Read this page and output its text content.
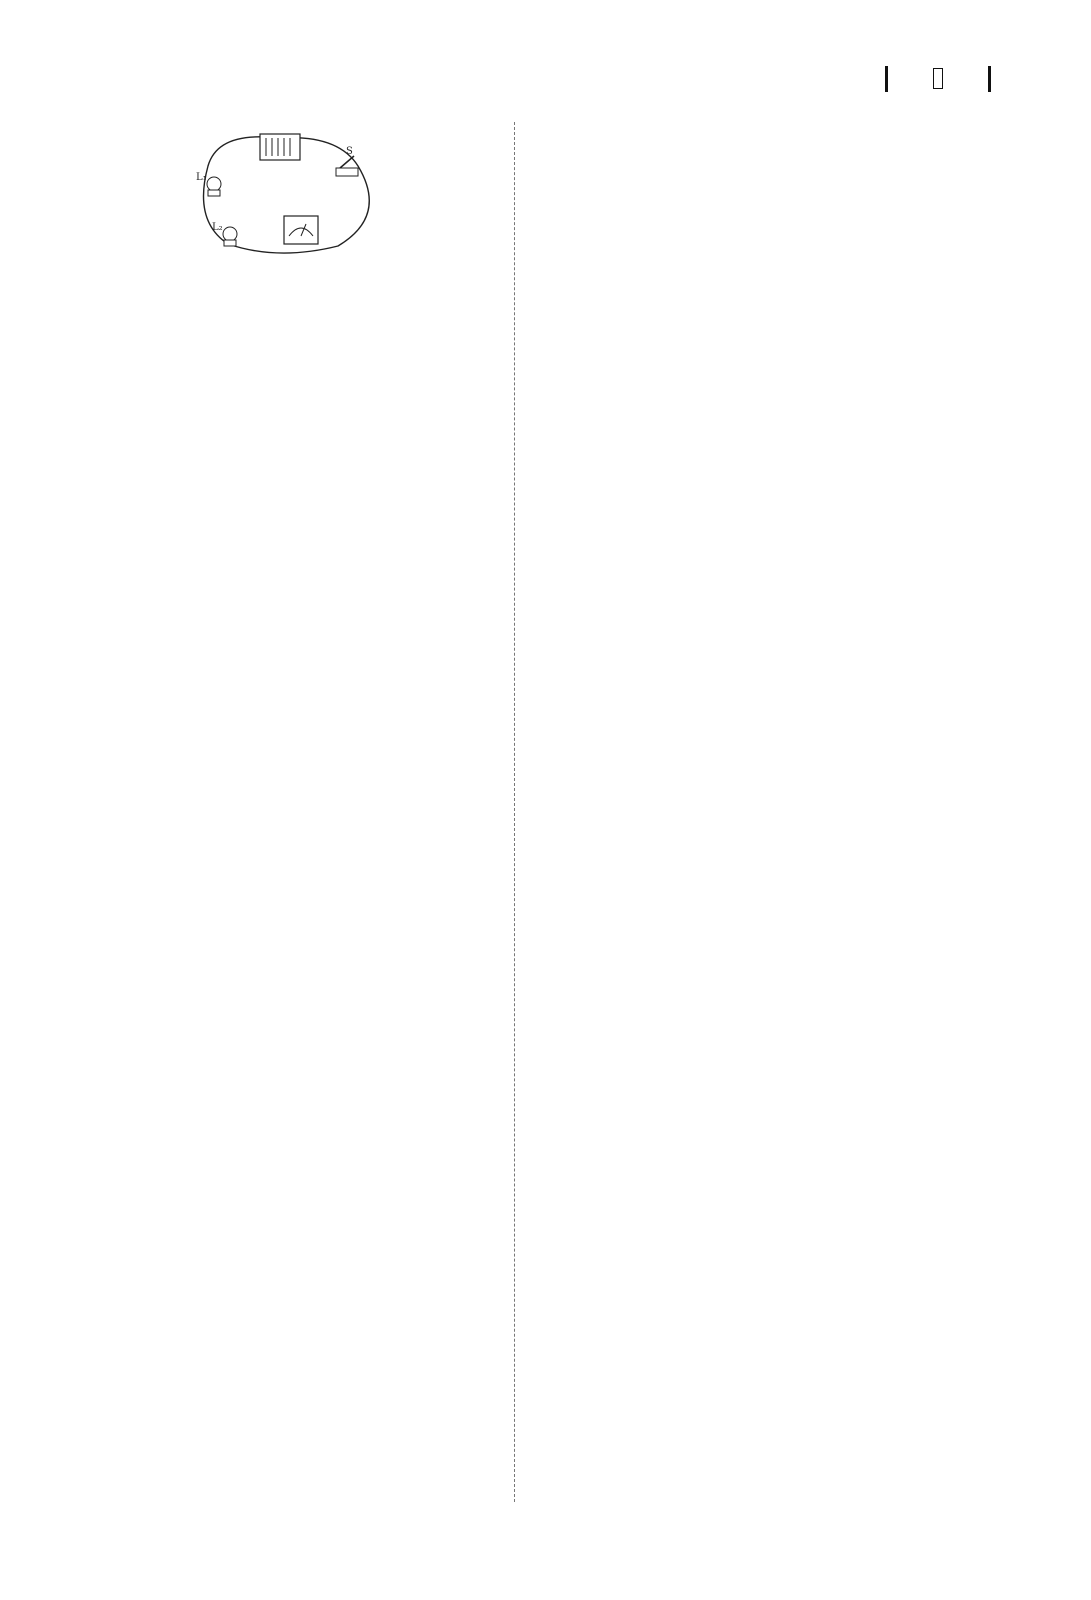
S
L₁
L₂
